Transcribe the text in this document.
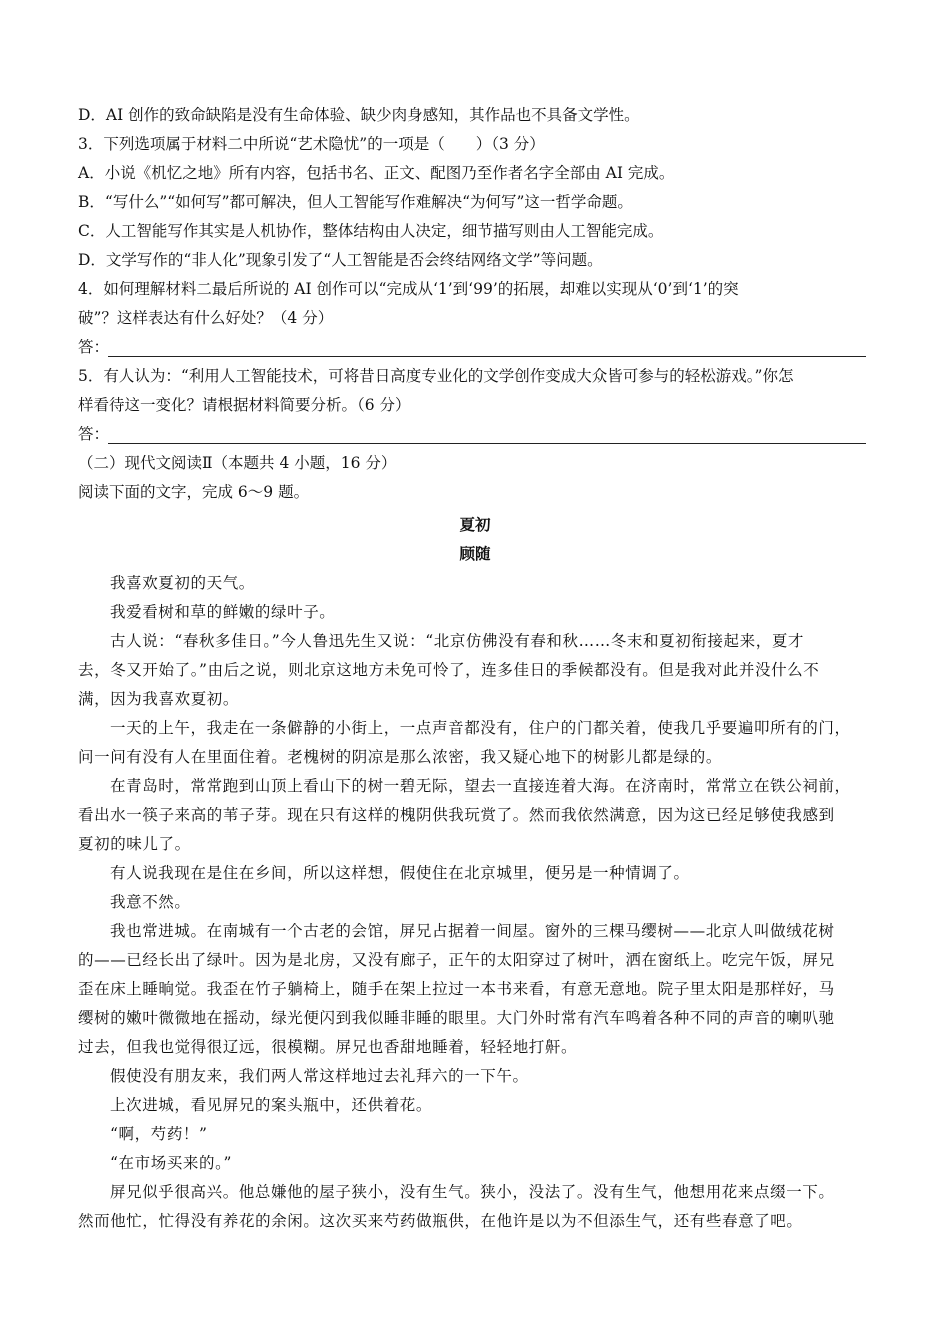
D．AI 创作的致命缺陷是没有生命体验、缺少肉身感知，其作品也不具备文学性。
3．下列选项属于材料二中所说“艺术隐忧”的一项是（　　）（3 分）
A．小说《机忆之地》所有内容，包括书名、正文、配图乃至作者名字全部由 AI 完成。
B．“写什么”“如何写”都可解决，但人工智能写作难解决“为何写”这一哲学命题。
C．人工智能写作其实是人机协作，整体结构由人决定，细节描写则由人工智能完成。
D．文学写作的“非人化”现象引发了“人工智能是否会终结网络文学”等问题。
4．如何理解材料二最后所说的 AI 创作可以“完成从‘1’到‘99’的拓展，却难以实现从‘0’到‘1’的突
破”？这样表达有什么好处？（4 分）
答：
5．有人认为：“利用人工智能技术，可将昔日高度专业化的文学创作变成大众皆可参与的轻松游戏。”你怎
样看待这一变化？请根据材料简要分析。（6 分）
答：
（二）现代文阅读Ⅱ（本题共 4 小题，16 分）
阅读下面的文字，完成 6～9 题。
夏初
顾随
我喜欢夏初的天气。
我爱看树和草的鲜嫩的绿叶子。
古人说：“春秋多佳日。”今人鲁迅先生又说：“北京仿佛没有春和秋……冬末和夏初衔接起来，夏才
去，冬又开始了。”由后之说，则北京这地方未免可怜了，连多佳日的季候都没有。但是我对此并没什么不
满，因为我喜欢夏初。
一天的上午，我走在一条僻静的小街上，一点声音都没有，住户的门都关着，使我几乎要遍叩所有的门，
问一问有没有人在里面住着。老槐树的阴凉是那么浓密，我又疑心地下的树影儿都是绿的。
在青岛时，常常跑到山顶上看山下的树一碧无际，望去一直接连着大海。在济南时，常常立在铁公祠前，
看出水一筷子来高的苇子芽。现在只有这样的槐阴供我玩赏了。然而我依然满意，因为这已经足够使我感到
夏初的味儿了。
有人说我现在是住在乡间，所以这样想，假使住在北京城里，便另是一种情调了。
我意不然。
我也常进城。在南城有一个古老的会馆，屏兄占据着一间屋。窗外的三棵马缨树——北京人叫做绒花树
的——已经长出了绿叶。因为是北房，又没有廊子，正午的太阳穿过了树叶，洒在窗纸上。吃完午饭，屏兄
歪在床上睡晌觉。我歪在竹子躺椅上，随手在架上拉过一本书来看，有意无意地。院子里太阳是那样好，马
缨树的嫩叶微微地在摇动，绿光便闪到我似睡非睡的眼里。大门外时常有汽车鸣着各种不同的声音的喇叭驰
过去，但我也觉得很辽远，很模糊。屏兄也香甜地睡着，轻轻地打鼾。
假使没有朋友来，我们两人常这样地过去礼拜六的一下午。
上次进城，看见屏兄的案头瓶中，还供着花。
“啊，芍药！”
“在市场买来的。”
屏兄似乎很高兴。他总嫌他的屋子狭小，没有生气。狭小，没法了。没有生气，他想用花来点缀一下。
然而他忙，忙得没有养花的余闲。这次买来芍药做瓶供，在他许是以为不但添生气，还有些春意了吧。
